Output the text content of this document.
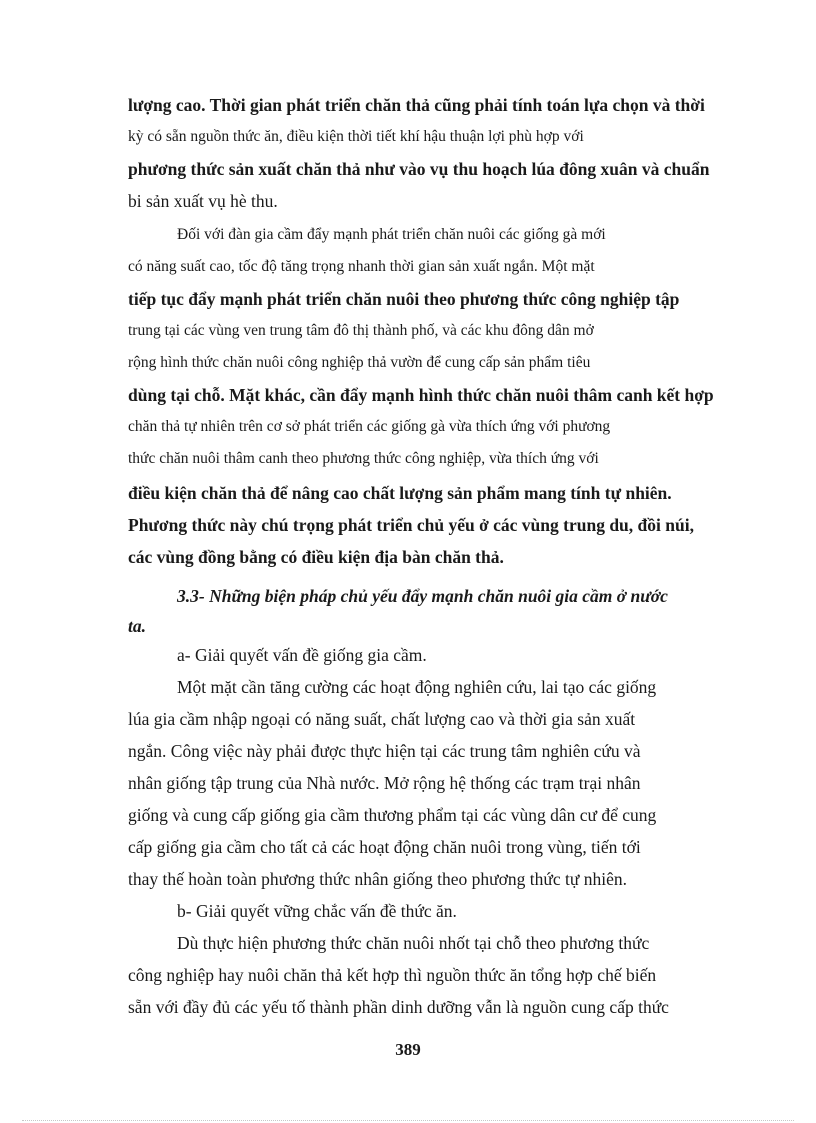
lượng cao. Thời gian phát triển chăn thả cũng phải tính toán lựa chọn và thời
kỳ có sẵn nguồn thức ăn, điều kiện thời tiết khí hậu thuận lợi phù hợp với
phương thức sản xuất chăn thả như vào vụ thu hoạch lúa đông xuân và chuẩn
bi sản xuất vụ hè thu.
Đối với đàn gia cầm đẩy mạnh phát triển chăn nuôi các giống gà mới
có năng suất cao, tốc độ tăng trọng nhanh thời gian sản xuất ngắn. Một mặt
tiếp tục đẩy mạnh phát triển chăn nuôi theo phương thức công nghiệp tập
trung tại các vùng ven trung tâm đô thị thành phố, và các khu đông dân mở
rộng hình thức chăn nuôi công nghiệp thả vườn để cung cấp sản phẩm tiêu
dùng tại chỗ. Mặt khác, cần đẩy mạnh hình thức chăn nuôi thâm canh kết hợp
chăn thả tự nhiên trên cơ sở phát triển các giống gà vừa thích ứng với phương
thức chăn nuôi thâm canh theo phương thức công nghiệp, vừa thích ứng với
điều kiện chăn thả để nâng cao chất lượng sản phẩm mang tính tự nhiên.
Phương thức này chú trọng phát triển chủ yếu ở các vùng trung du, đồi núi,
các vùng đồng bằng có điều kiện địa bàn chăn thả.
3.3- Những biện pháp chủ yếu đẩy mạnh chăn nuôi gia cầm ở nước
ta.
a- Giải quyết vấn đề giống gia cầm.
Một mặt cần tăng cường các hoạt động nghiên cứu, lai tạo các giống
lúa gia cầm nhập ngoại có năng suất, chất lượng cao và thời gia sản xuất
ngắn. Công việc này phải được thực hiện tại các trung tâm nghiên cứu và
nhân giống tập trung của Nhà nước. Mở rộng hệ thống các trạm trại nhân
giống và cung cấp giống gia cầm thương phẩm tại các vùng dân cư để cung
cấp giống gia cầm cho tất cả các hoạt động chăn nuôi trong vùng, tiến tới
thay thế hoàn toàn phương thức nhân giống theo phương thức tự nhiên.
b- Giải quyết vững chắc vấn đề thức ăn.
Dù thực hiện phương thức chăn nuôi nhốt tại chỗ theo phương thức
công nghiệp hay nuôi chăn thả kết hợp thì nguồn thức ăn tổng hợp chế biến
sẵn với đầy đủ các yếu tố thành phần dinh dưỡng vẫn là nguồn cung cấp thức
389
